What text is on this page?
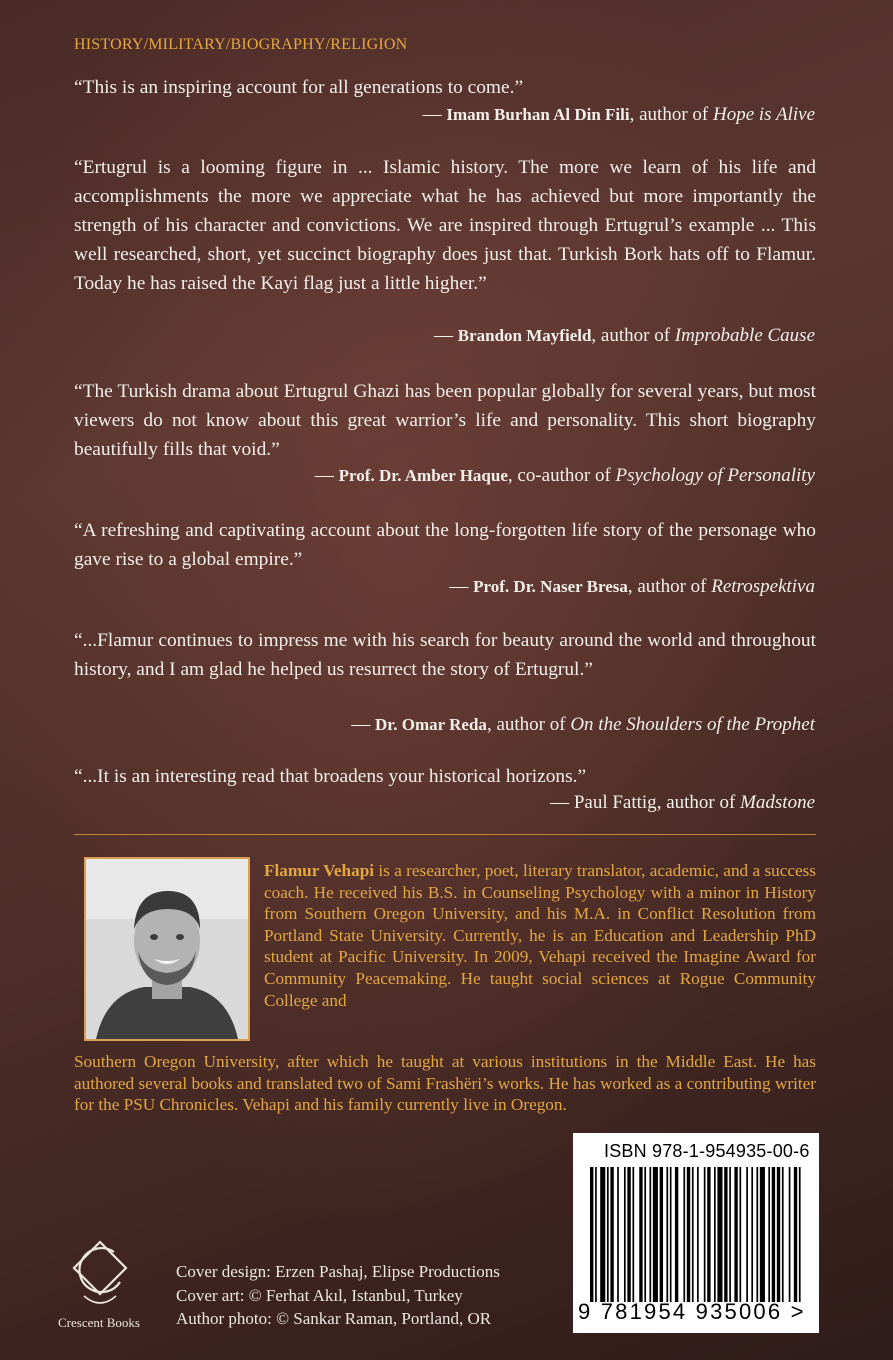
HISTORY/MILITARY/BIOGRAPHY/RELIGION
“This is an inspiring account for all generations to come.”
— Imam Burhan Al Din Fili, author of Hope is Alive
“Ertugrul is a looming figure in ... Islamic history. The more we learn of his life and accomplishments the more we appreciate what he has achieved but more importantly the strength of his character and convictions. We are inspired through Ertugrul’s example ... This well researched, short, yet succinct biography does just that. Turkish Bork hats off to Flamur. Today he has raised the Kayi flag just a little higher.”
— Brandon Mayfield, author of Improbable Cause
“The Turkish drama about Ertugrul Ghazi has been popular globally for several years, but most viewers do not know about this great warrior’s life and personality. This short biography beautifully fills that void.”
— Prof. Dr. Amber Haque, co-author of Psychology of Personality
“A refreshing and captivating account about the long-forgotten life story of the personage who gave rise to a global empire.”
— Prof. Dr. Naser Bresa, author of Retrospektiva
“...Flamur continues to impress me with his search for beauty around the world and throughout history, and I am glad he helped us resurrect the story of Ertugrul.”
— Dr. Omar Reda, author of On the Shoulders of the Prophet
“...It is an interesting read that broadens your historical horizons.”
— Paul Fattig, author of Madstone
Flamur Vehapi is a researcher, poet, literary translator, academic, and a success coach. He received his B.S. in Counseling Psychology with a minor in History from Southern Oregon University, and his M.A. in Conflict Resolution from Portland State University. Currently, he is an Education and Leadership PhD student at Pacific University. In 2009, Vehapi received the Imagine Award for Community Peacemaking. He taught social sciences at Rogue Community College and
Southern Oregon University, after which he taught at various institutions in the Middle East. He has authored several books and translated two of Sami Frashëri’s works. He has worked as a contributing writer for the PSU Chronicles. Vehapi and his family currently live in Oregon.
ISBN 978-1-954935-00-6
9 781954 935006 >
Crescent Books
Cover design: Erzen Pashaj, Elipse Productions
Cover art: © Ferhat Akıl, Istanbul, Turkey
Author photo: © Sankar Raman, Portland, OR
